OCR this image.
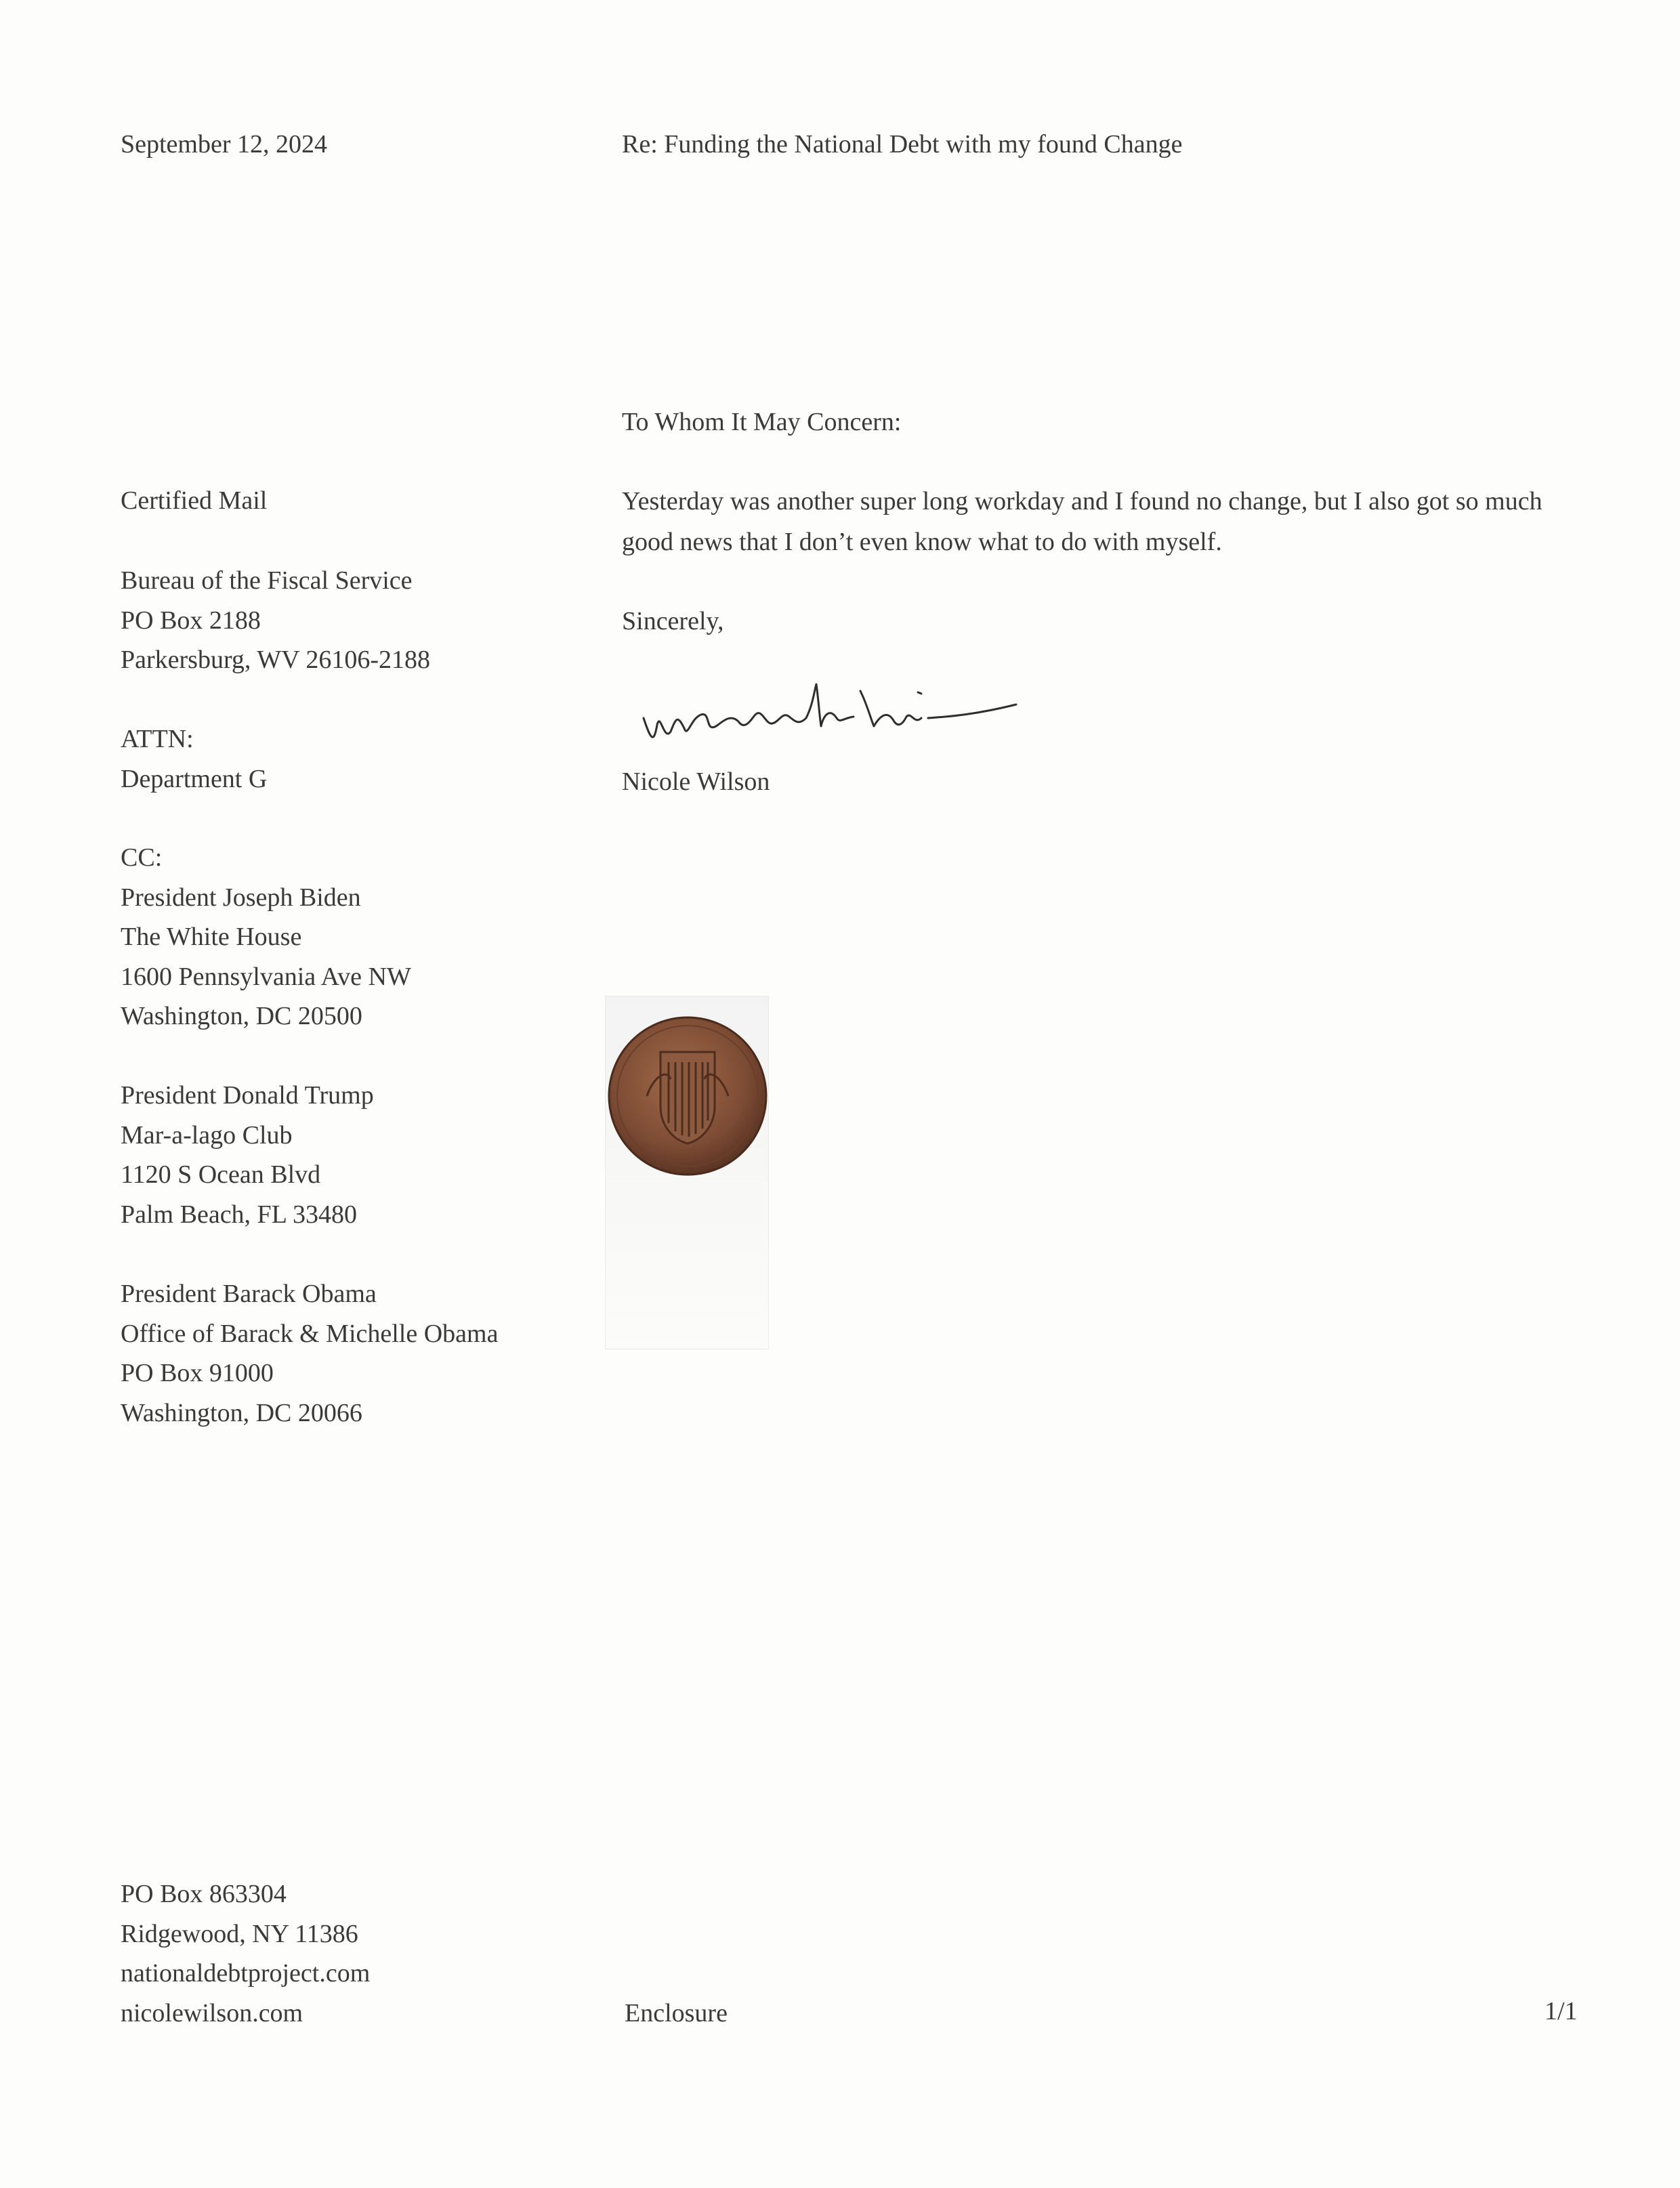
September 12, 2024	Re: Funding the National Debt with my found Change
To Whom It May Concern:
Yesterday was another super long workday and I found no change, but I also got so much good news that I don’t even know what to do with myself.
Sincerely,
Nicole Wilson
Certified Mail
Bureau of the Fiscal Service
PO Box 2188
Parkersburg, WV 26106-2188
ATTN:
Department G
CC:
President Joseph Biden
The White House
1600 Pennsylvania Ave NW
Washington, DC 20500
President Donald Trump
Mar-a-lago Club
1120 S Ocean Blvd
Palm Beach, FL 33480
President Barack Obama
Office of Barack & Michelle Obama
PO Box 91000
Washington, DC 20066
PO Box 863304
Ridgewood, NY 11386
nationaldebtproject.com
nicolewilson.com	Enclosure	1/1
